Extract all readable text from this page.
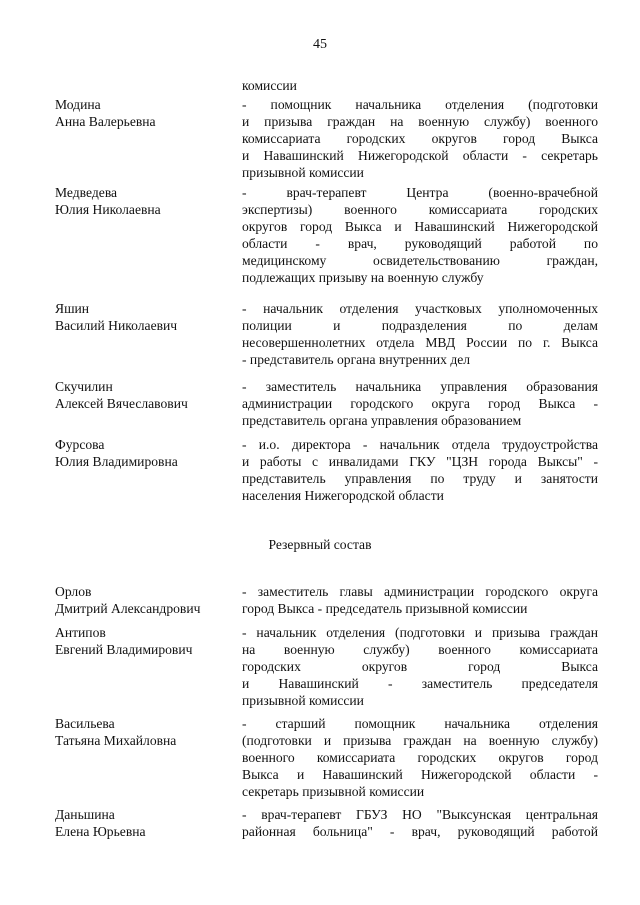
45
комиссии
Модина
Анна Валерьевна
- помощник начальника отделения (подготовки
и призыва граждан на военную службу) военного
комиссариата городских округов город Выкса
и Навашинский Нижегородской области - секретарь
призывной комиссии
Медведева
Юлия Николаевна
- врач-терапевт Центра (военно-врачебной
экспертизы) военного комиссариата городских
округов город Выкса и Навашинский Нижегородской
области - врач, руководящий работой по
медицинскому освидетельствованию граждан,
подлежащих призыву на военную службу
Яшин
Василий Николаевич
- начальник отделения участковых уполномоченных
полиции и подразделения по делам
несовершеннолетних отдела МВД России по г. Выкса
- представитель органа внутренних дел
Скучилин
Алексей Вячеславович
- заместитель начальника управления образования
администрации городского округа город Выкса -
представитель органа управления образованием
Фурсова
Юлия Владимировна
- и.о. директора - начальник отдела трудоустройства
и работы с инвалидами ГКУ "ЦЗН города Выксы" -
представитель управления по труду и занятости
населения Нижегородской области
Резервный состав
Орлов
Дмитрий Александрович
- заместитель главы администрации городского округа
город Выкса - председатель призывной комиссии
Антипов
Евгений Владимирович
- начальник отделения (подготовки и призыва граждан
на военную службу) военного комиссариата
городских округов город Выкса
и Навашинский - заместитель председателя
призывной комиссии
Васильева
Татьяна Михайловна
- старший помощник начальника отделения
(подготовки и призыва граждан на военную службу)
военного комиссариата городских округов город
Выкса и Навашинский Нижегородской области -
секретарь призывной комиссии
Даньшина
Елена Юрьевна
- врач-терапевт ГБУЗ НО "Выксунская центральная
районная больница" - врач, руководящий работой
